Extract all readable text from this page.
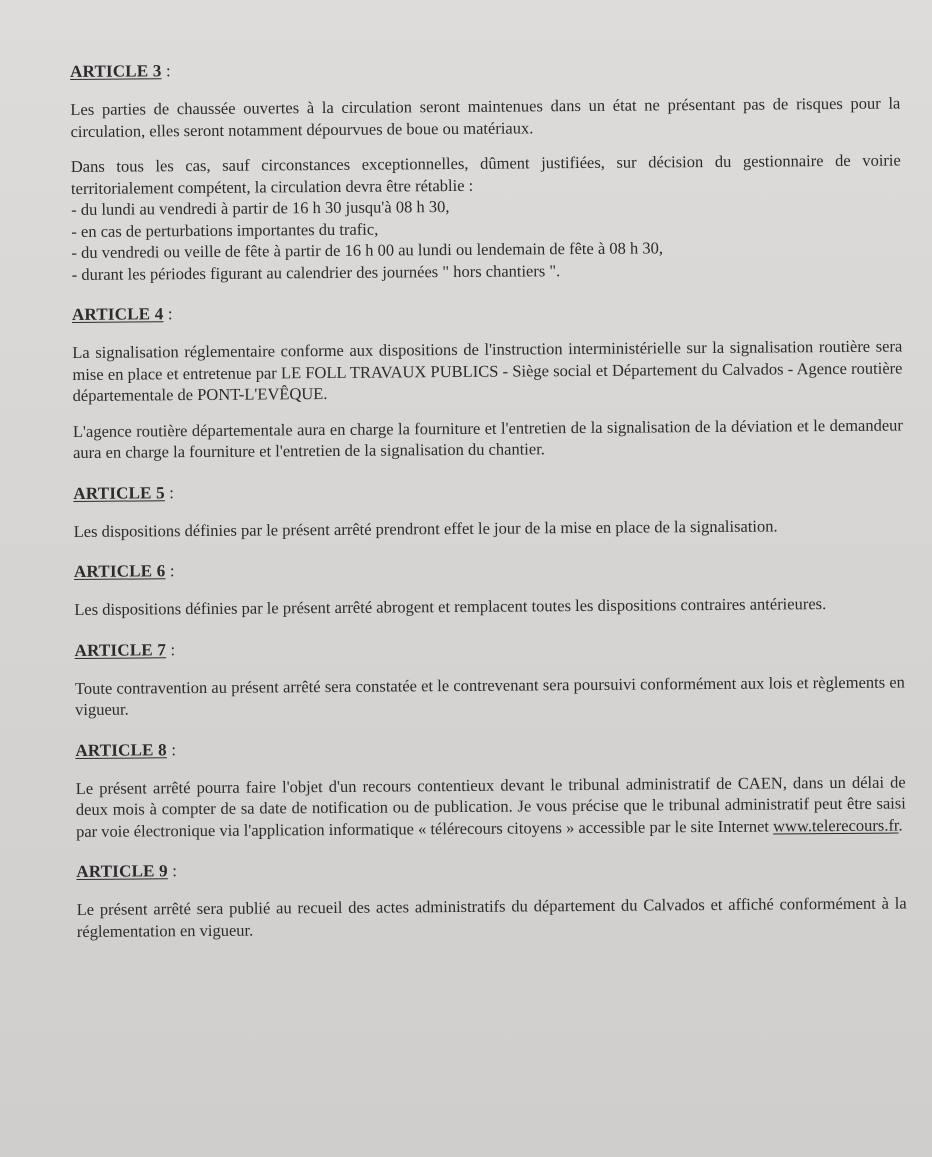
ARTICLE 3 :

Les parties de chaussée ouvertes à la circulation seront maintenues dans un état ne présentant pas de risques pour la circulation, elles seront notamment dépourvues de boue ou matériaux.

Dans tous les cas, sauf circonstances exceptionnelles, dûment justifiées, sur décision du gestionnaire de voirie territorialement compétent, la circulation devra être rétablie :

- du lundi au vendredi à partir de 16 h 30 jusqu'à 08 h 30,
- en cas de perturbations importantes du trafic,
- du vendredi ou veille de fête à partir de 16 h 00 au lundi ou lendemain de fête à 08 h 30,
- durant les périodes figurant au calendrier des journées " hors chantiers ".
ARTICLE 4 :

La signalisation réglementaire conforme aux dispositions de l'instruction interministérielle sur la signalisation routière sera mise en place et entretenue par LE FOLL TRAVAUX PUBLICS - Siège social et Département du Calvados - Agence routière départementale de PONT-L'EVÊQUE.

L'agence routière départementale aura en charge la fourniture et l'entretien de la signalisation de la déviation et le demandeur aura en charge la fourniture et l'entretien de la signalisation du chantier.

ARTICLE 5 :

Les dispositions définies par le présent arrêté prendront effet le jour de la mise en place de la signalisation.

ARTICLE 6 :

Les dispositions définies par le présent arrêté abrogent et remplacent toutes les dispositions contraires antérieures.

ARTICLE 7 :

Toute contravention au présent arrêté sera constatée et le contrevenant sera poursuivi conformément aux lois et règlements en vigueur.

ARTICLE 8 :

Le présent arrêté pourra faire l'objet d'un recours contentieux devant le tribunal administratif de CAEN, dans un délai de deux mois à compter de sa date de notification ou de publication. Je vous précise que le tribunal administratif peut être saisi par voie électronique via l'application informatique « télérecours citoyens » accessible par le site Internet www.telerecours.fr.

ARTICLE 9 :

Le présent arrêté sera publié au recueil des actes administratifs du département du Calvados et affiché conformément à la réglementation en vigueur.
